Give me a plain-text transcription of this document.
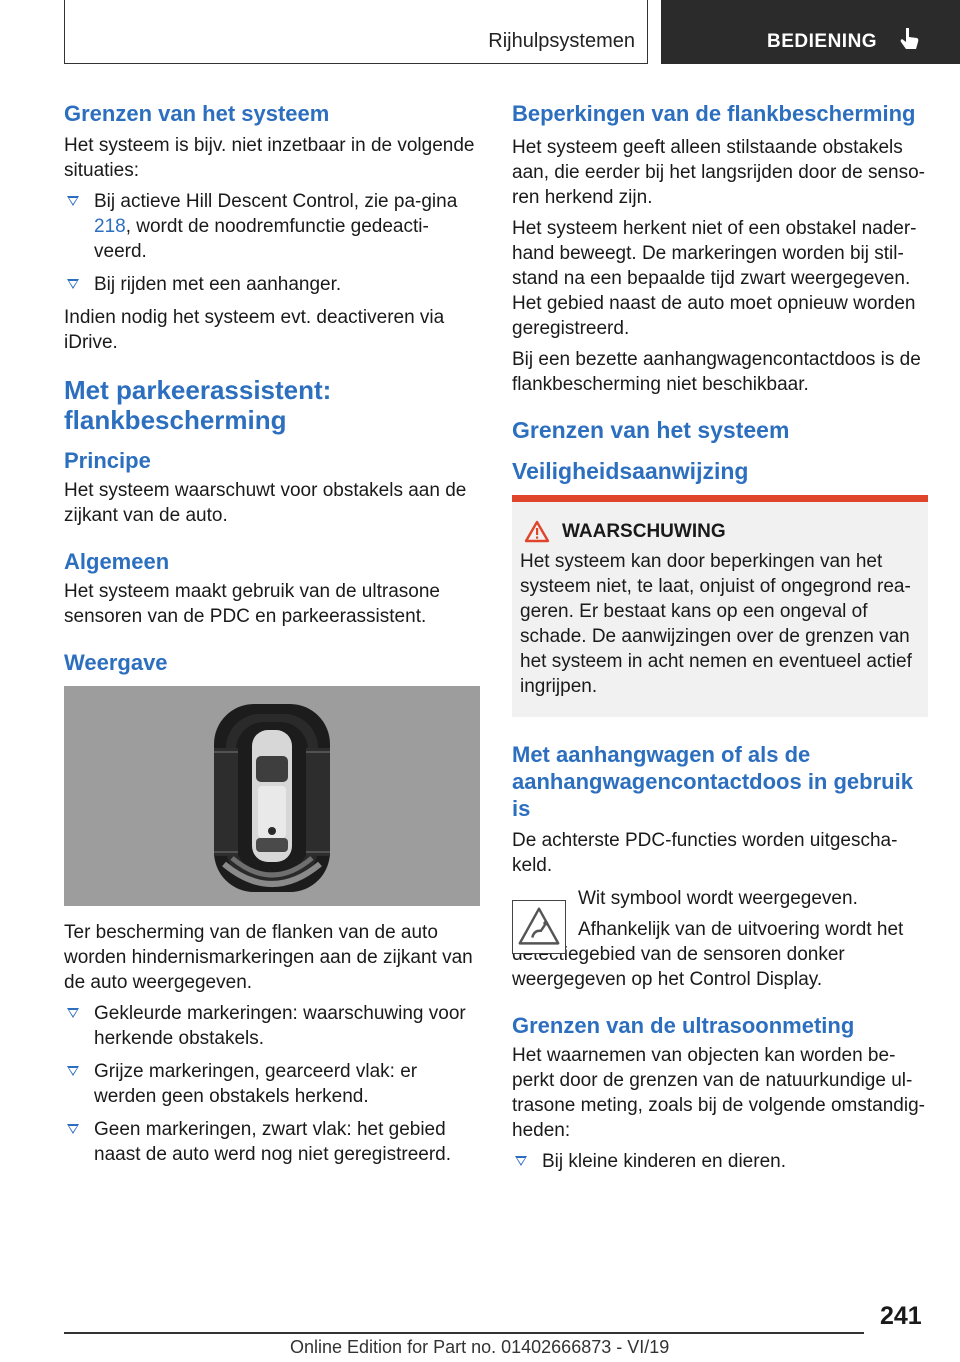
Rijhulpsystemen	BEDIENING
Grenzen van het systeem

Het systeem is bijv. niet inzetbaar in de volgende situaties:

Bij actieve Hill Descent Control, zie pa-gina 218, wordt de noodremfunctie gedeacti-veerd.
Bij rijden met een aanhanger.

Indien nodig het systeem evt. deactiveren via iDrive.

Met parkeerassistent: flankbescherming
Principe

Het systeem waarschuwt voor obstakels aan de zijkant van de auto.

Algemeen

Het systeem maakt gebruik van de ultrasone sensoren van de PDC en parkeerassistent.

Weergave

Ter bescherming van de flanken van de auto worden hindernismarkeringen aan de zijkant van de auto weergegeven.

Gekleurde markeringen: waarschuwing voor herkende obstakels.
Grijze markeringen, gearceerd vlak: er werden geen obstakels herkend.
Geen markeringen, zwart vlak: het gebied naast de auto werd nog niet geregistreerd.
Beperkingen van de flankbescherming

Het systeem geeft alleen stilstaande obstakels aan, die eerder bij het langsrijden door de senso-ren herkend zijn.

Het systeem herkent niet of een obstakel nader-hand beweegt. De markeringen worden bij stil-stand na een bepaalde tijd zwart weergegeven. Het gebied naast de auto moet opnieuw worden geregistreerd.

Bij een bezette aanhangwagencontactdoos is de flankbescherming niet beschikbaar.

Grenzen van het systeem
Veiligheidsaanwijzing
WAARSCHUWING

Het systeem kan door beperkingen van het systeem niet, te laat, onjuist of ongegrond rea-geren. Er bestaat kans op een ongeval of schade. De aanwijzingen over de grenzen van het systeem in acht nemen en eventueel actief ingrijpen.

Met aanhangwagen of als de aanhangwagencontactdoos in gebruik is

De achterste PDC-functies worden uitgescha-keld.

Wit symbool wordt weergegeven.

Afhankelijk van de uitvoering wordt het detectiegebied van de sensoren donker weergegeven op het Control Display.

Grenzen van de ultrasoonmeting

Het waarnemen van objecten kan worden be-perkt door de grenzen van de natuurkundige ul-trasone meting, zoals bij de volgende omstandig-heden:

Bij kleine kinderen en dieren.
241
Online Edition for Part no. 01402666873 - VI/19
